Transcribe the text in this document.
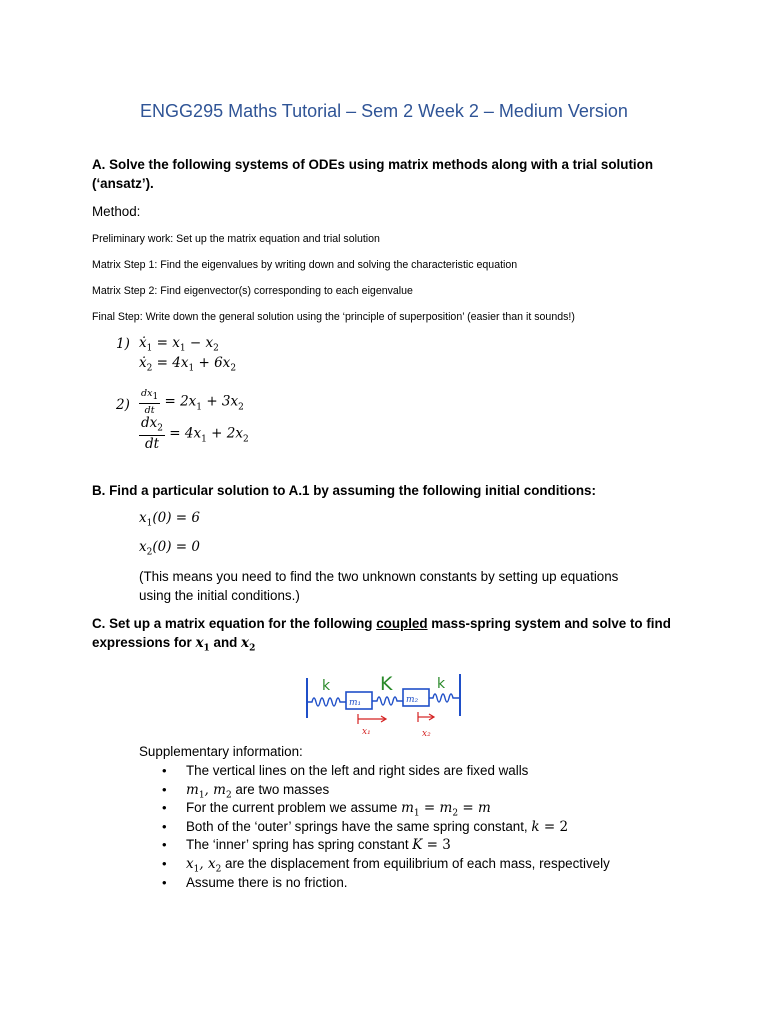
ENGG295 Maths Tutorial – Sem 2 Week 2 – Medium Version
A. Solve the following systems of ODEs using matrix methods along with a trial solution
(‘ansatz’).
Method:
Preliminary work: Set up the matrix equation and trial solution
Matrix Step 1: Find the eigenvalues by writing down and solving the characteristic equation
Matrix Step 2: Find eigenvector(s) corresponding to each eigenvalue
Final Step: Write down the general solution using the ‘principle of superposition’ (easier than it sounds!)
1) ẋ$_1$ = $x_1 - x_2$
ẋ$_2$ = $4x_1 + 6x_2$
$2) \frac{dx_1}{dt} = 2x_1 + 3x_2$
$\frac{dx_2}{dt} = 4x_1 + 2x_2$
B. Find a particular solution to A.1 by assuming the following initial conditions:
$x_1(0) = 6$
$x_2(0) = 0$
(This means you need to find the two unknown constants by setting up equations
using the initial conditions.)
C. Set up a matrix equation for the following coupled mass-spring system and solve to find
expressions for $x_1$ and $x_2$
m₁	m₂
k	K	k
x₁	x₂
Supplementary information:
• The vertical lines on the left and right sides are fixed walls
• $m_1$, $m_2$ are two masses
• For the current problem we assume $m_1 = m_2 = m$
• Both of the ‘outer’ springs have the same spring constant, k = 2
• The ‘inner’ spring has spring constant K = 3
• $x_1$, $x_2$ are the displacement from equilibrium of each mass, respectively
• Assume there is no friction.
